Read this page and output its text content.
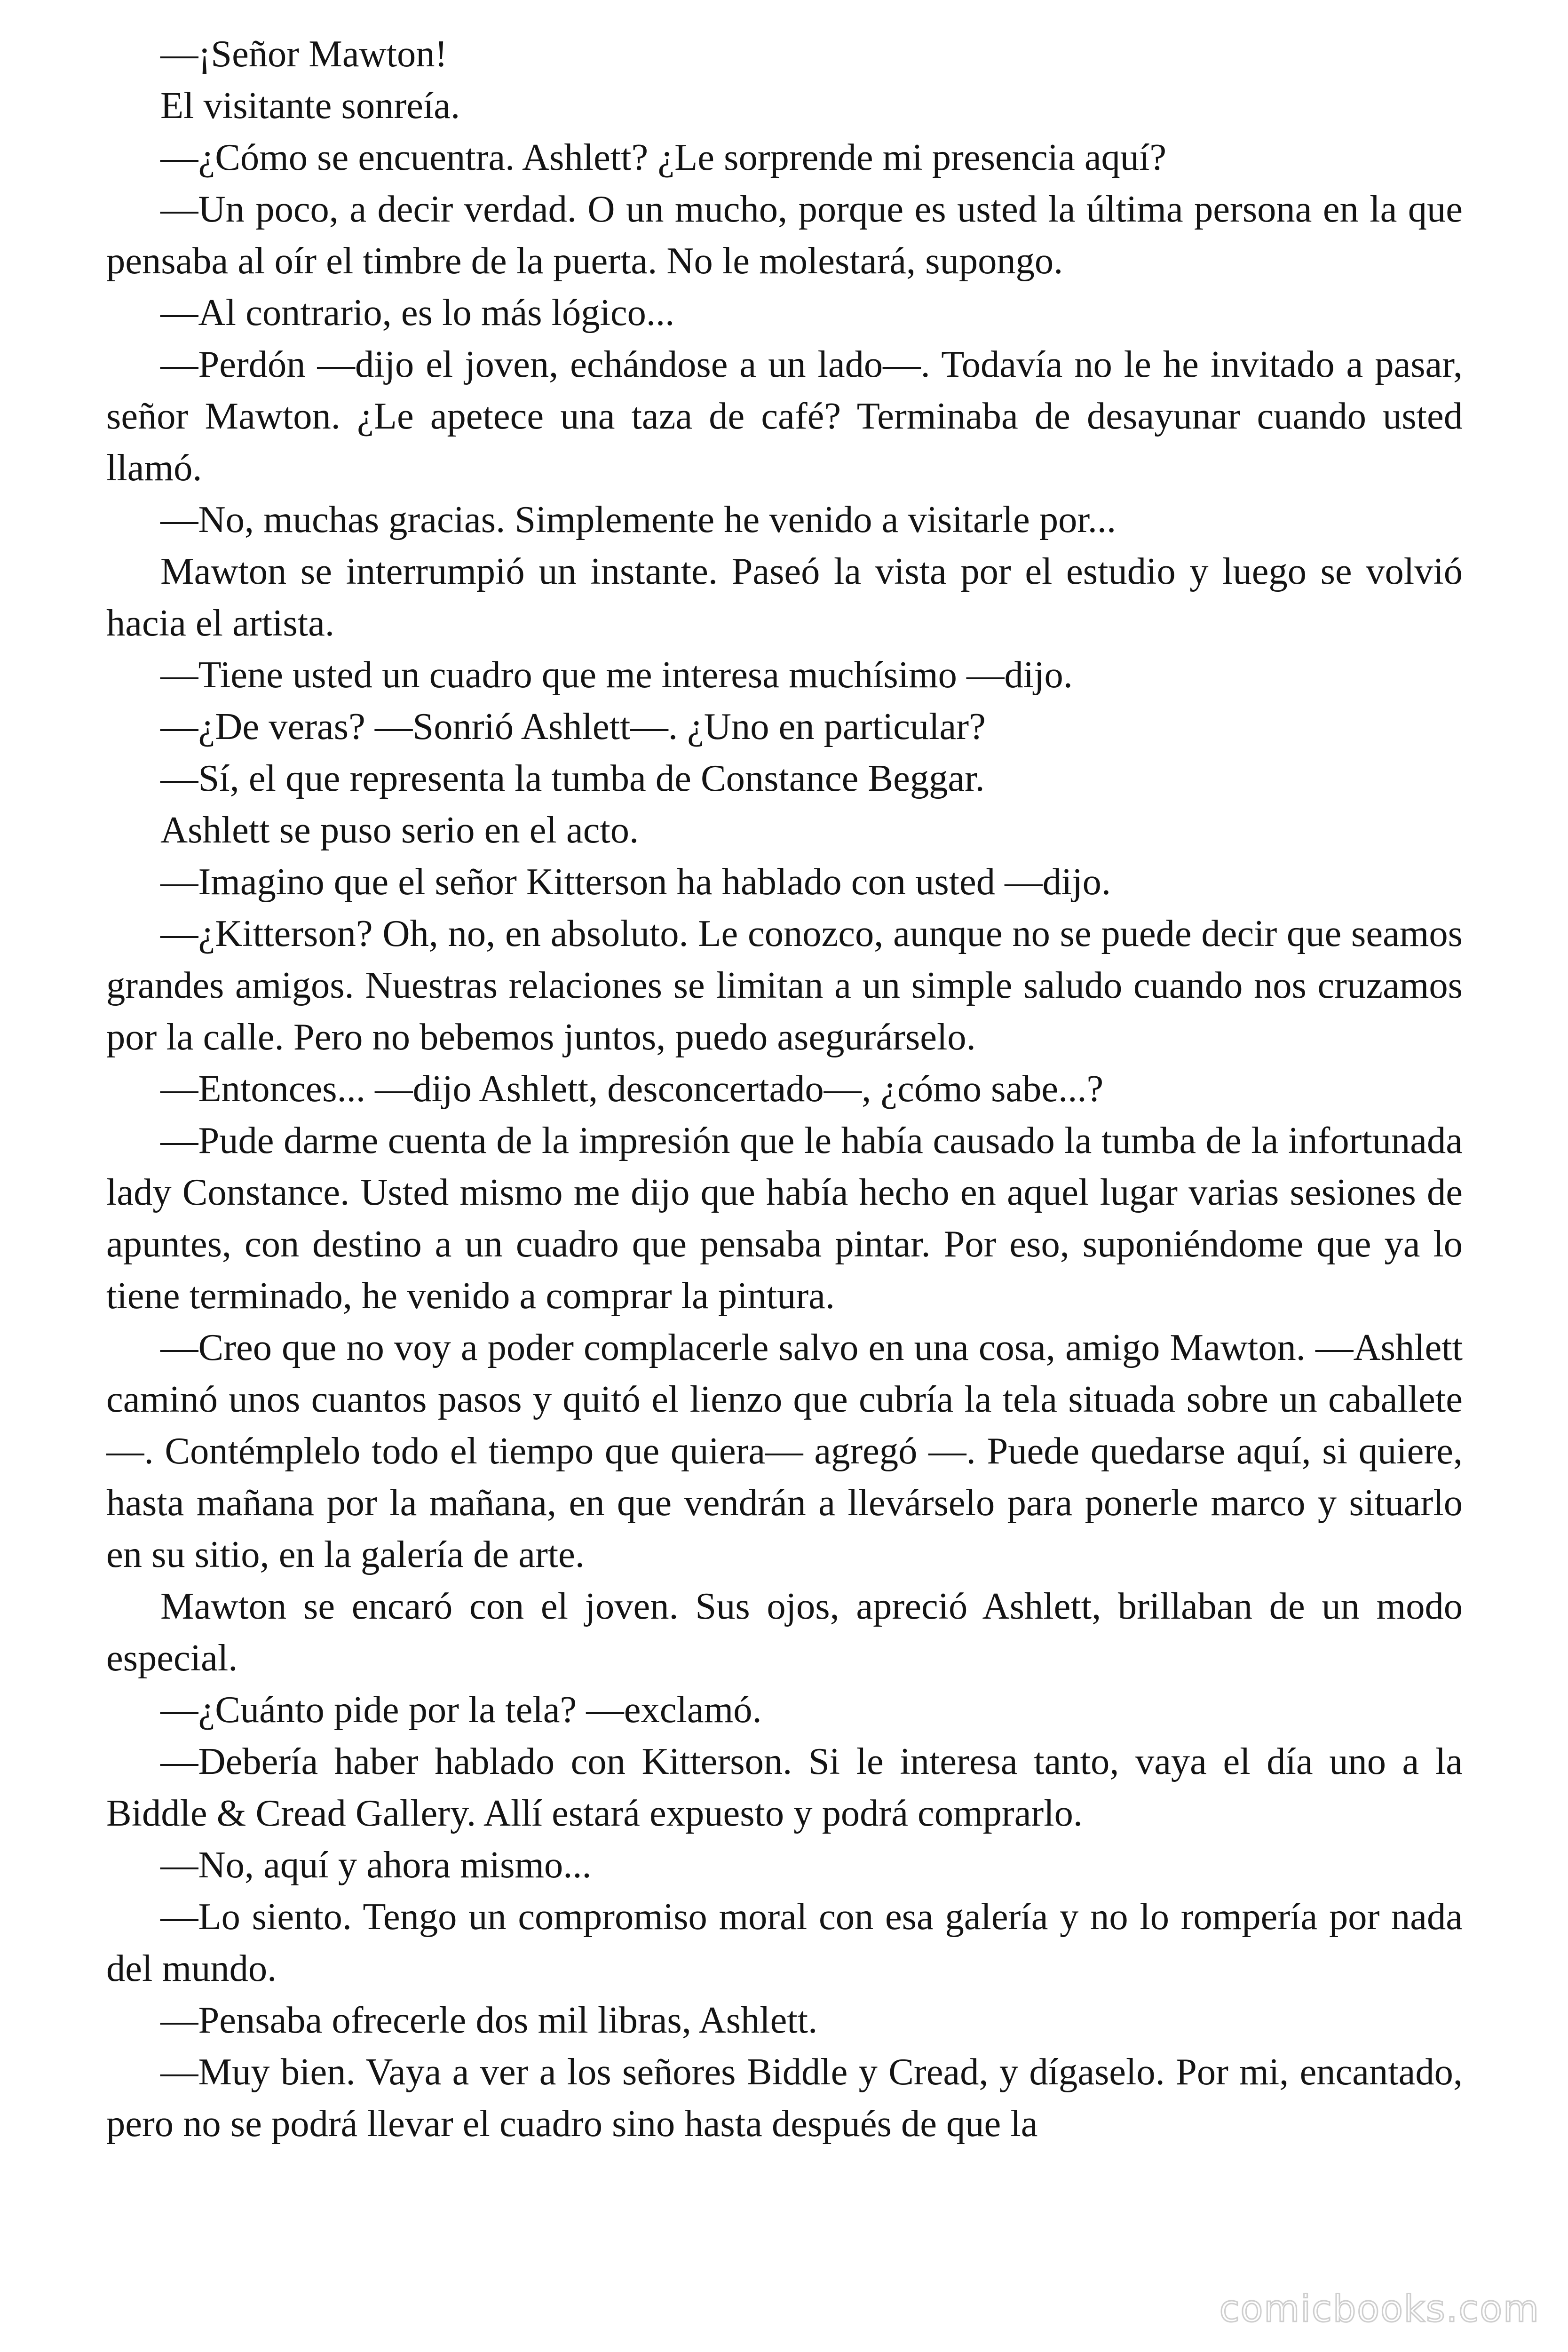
—¡Señor Mawton!

El visitante sonreía.

—¿Cómo se encuentra. Ashlett? ¿Le sorprende mi presencia aquí?

—Un poco, a decir verdad. O un mucho, porque es usted la última persona en la que pensaba al oír el timbre de la puerta. No le molestará, supongo.

—Al contrario, es lo más lógico...

—Perdón —dijo el joven, echándose a un lado—. Todavía no le he invitado a pasar, señor Mawton. ¿Le apetece una taza de café? Terminaba de desayunar cuando usted llamó.

—No, muchas gracias. Simplemente he venido a visitarle por...

Mawton se interrumpió un instante. Paseó la vista por el estudio y luego se volvió hacia el artista.

—Tiene usted un cuadro que me interesa muchísimo —dijo.

—¿De veras? —Sonrió Ashlett—. ¿Uno en particular?

—Sí, el que representa la tumba de Constance Beggar.

Ashlett se puso serio en el acto.

—Imagino que el señor Kitterson ha hablado con usted —dijo.

—¿Kitterson? Oh, no, en absoluto. Le conozco, aunque no se puede decir que seamos grandes amigos. Nuestras relaciones se limitan a un simple saludo cuando nos cruzamos por la calle. Pero no bebemos juntos, puedo asegurárselo.

—Entonces... —dijo Ashlett, desconcertado—, ¿cómo sabe...?

—Pude darme cuenta de la impresión que le había causado la tumba de la infortunada lady Constance. Usted mismo me dijo que había hecho en aquel lugar varias sesiones de apuntes, con destino a un cuadro que pensaba pintar. Por eso, suponiéndome que ya lo tiene terminado, he venido a comprar la pintura.

—Creo que no voy a poder complacerle salvo en una cosa, amigo Mawton. —Ashlett caminó unos cuantos pasos y quitó el lienzo que cubría la tela situada sobre un caballete—. Contémplelo todo el tiempo que quiera— agregó —. Puede quedarse aquí, si quiere, hasta mañana por la mañana, en que vendrán a llevárselo para ponerle marco y situarlo en su sitio, en la galería de arte.

Mawton se encaró con el joven. Sus ojos, apreció Ashlett, brillaban de un modo especial.

—¿Cuánto pide por la tela? —exclamó.

—Debería haber hablado con Kitterson. Si le interesa tanto, vaya el día uno a la Biddle & Cread Gallery. Allí estará expuesto y podrá comprarlo.

—No, aquí y ahora mismo...

—Lo siento. Tengo un compromiso moral con esa galería y no lo rompería por nada del mundo.

—Pensaba ofrecerle dos mil libras, Ashlett.

—Muy bien. Vaya a ver a los señores Biddle y Cread, y dígaselo. Por mi, encantado, pero no se podrá llevar el cuadro sino hasta después de que la

comicbooks.com
